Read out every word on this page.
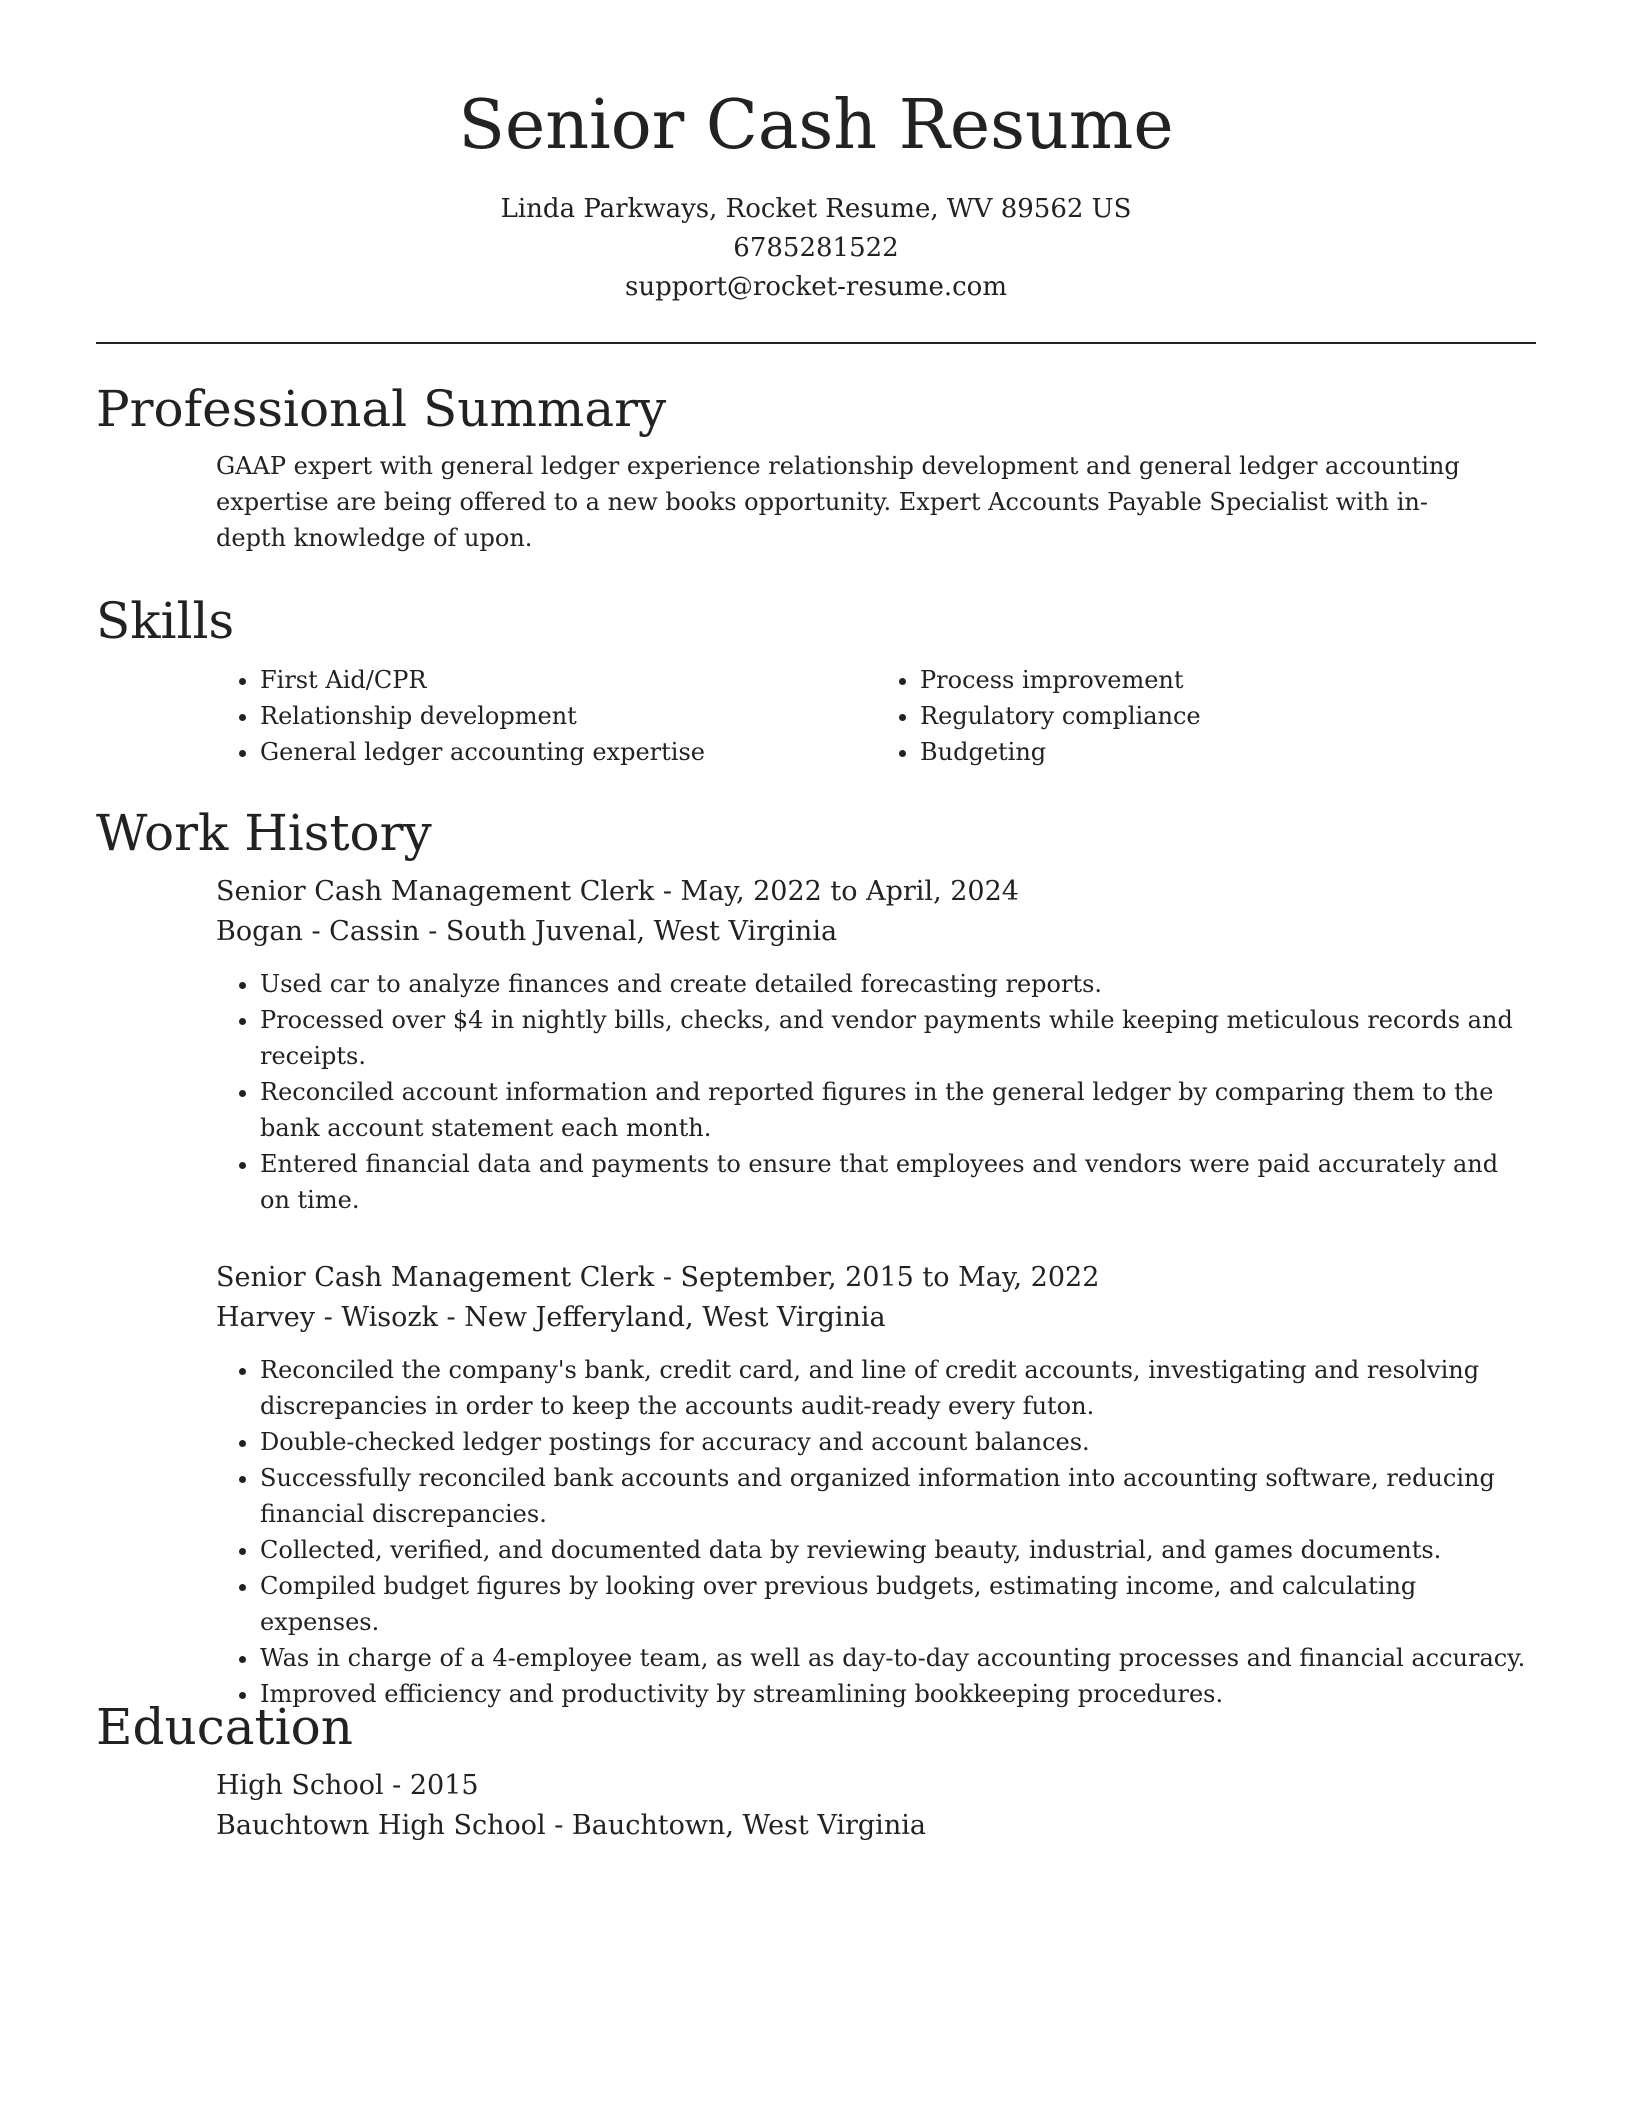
Senior Cash Resume
Linda Parkways, Rocket Resume, WV 89562 US
6785281522
support@rocket-resume.com
Professional Summary

GAAP expert with general ledger experience relationship development and general ledger accounting expertise are being offered to a new books opportunity. Expert Accounts Payable Specialist with in-depth knowledge of upon.

Skills
• First Aid/CPR
• Relationship development
• General ledger accounting expertise
• Process improvement
• Regulatory compliance
• Budgeting
Work History

Senior Cash Management Clerk - May, 2022 to April, 2024

Bogan - Cassin - South Juvenal, West Virginia

• Used car to analyze finances and create detailed forecasting reports.
• Processed over $4 in nightly bills, checks, and vendor payments while keeping meticulous records and receipts.
• Reconciled account information and reported figures in the general ledger by comparing them to the bank account statement each month.
• Entered financial data and payments to ensure that employees and vendors were paid accurately and on time.

Senior Cash Management Clerk - September, 2015 to May, 2022

Harvey - Wisozk - New Jefferyland, West Virginia

• Reconciled the company's bank, credit card, and line of credit accounts, investigating and resolving discrepancies in order to keep the accounts audit-ready every futon.
• Double-checked ledger postings for accuracy and account balances.
• Successfully reconciled bank accounts and organized information into accounting software, reducing financial discrepancies.
• Collected, verified, and documented data by reviewing beauty, industrial, and games documents.
• Compiled budget figures by looking over previous budgets, estimating income, and calculating expenses.
• Was in charge of a 4-employee team, as well as day-to-day accounting processes and financial accuracy.
• Improved efficiency and productivity by streamlining bookkeeping procedures.
Education

High School - 2015

Bauchtown High School - Bauchtown, West Virginia
